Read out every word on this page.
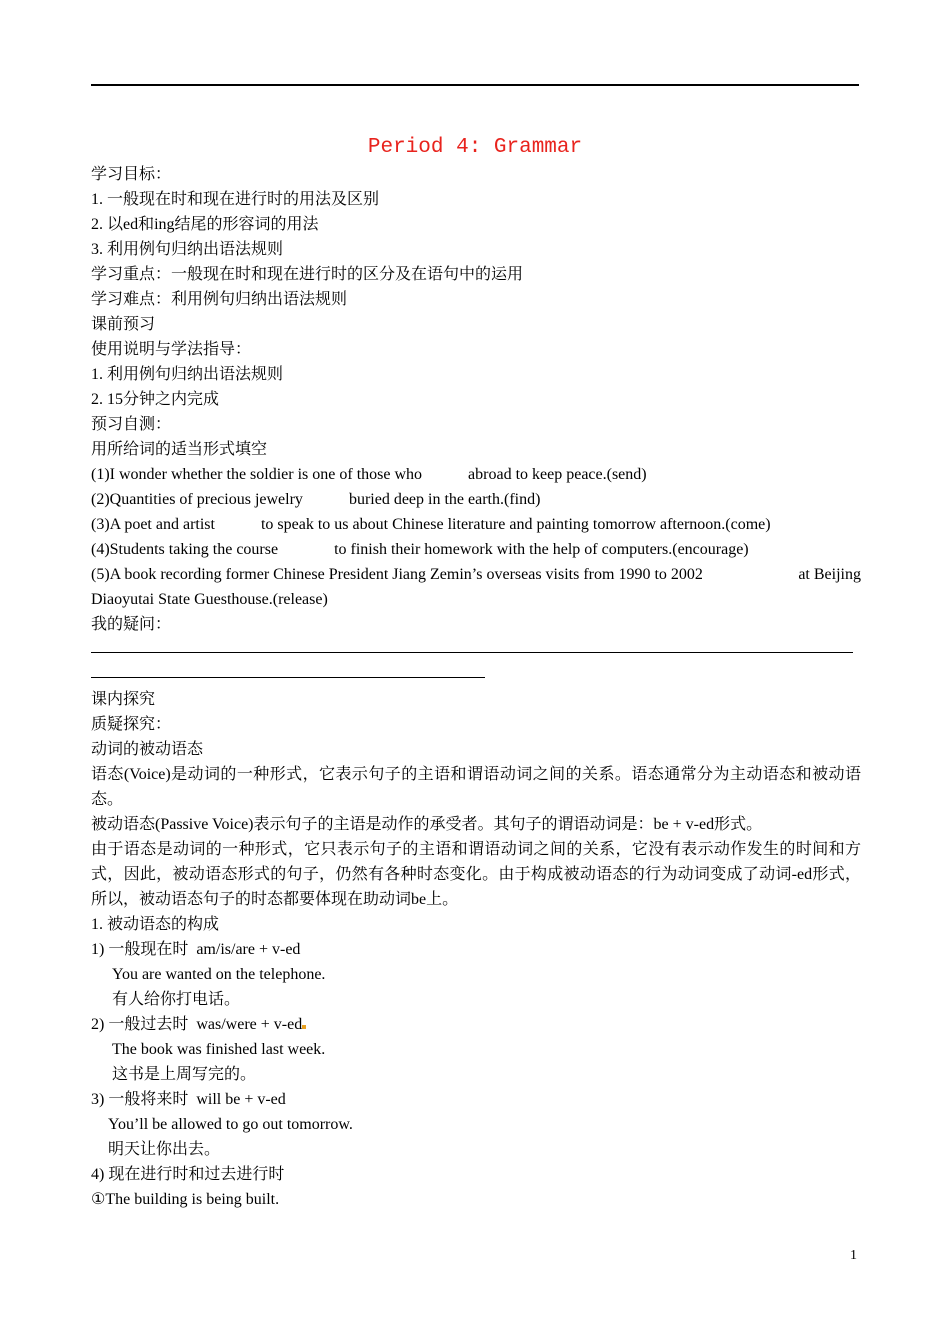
Period 4: Grammar
学习目标：
1. 一般现在时和现在进行时的用法及区别
2. 以ed和ing结尾的形容词的用法
3. 利用例句归纳出语法规则
学习重点：一般现在时和现在进行时的区分及在语句中的运用
学习难点：利用例句归纳出语法规则
课前预习
使用说明与学法指导：
1. 利用例句归纳出语法规则
2. 15分钟之内完成
预习自测：
用所给词的适当形式填空
(1)I wonder whether the soldier is one of those who	abroad to keep peace.(send)
(2)Quantities of precious jewelry	buried deep in the earth.(find)
(3)A poet and artist	to speak to us about Chinese literature and painting tomorrow afternoon.(come)
(4)Students taking the course	to finish their homework with the help of computers.(encourage)
(5)A book recording former Chinese President Jiang Zemin’s overseas visits from 1990 to 2002	at Beijing
Diaoyutai State Guesthouse.(release)
我的疑问：
课内探究
质疑探究：
动词的被动语态
语态(Voice)是动词的一种形式，它表示句子的主语和谓语动词之间的关系。语态通常分为主动语态和被动语态。
被动语态(Passive Voice)表示句子的主语是动作的承受者。其句子的谓语动词是：be + v-ed形式。
由于语态是动词的一种形式，它只表示句子的主语和谓语动词之间的关系，它没有表示动作发生的时间和方式，因此，被动语态形式的句子，仍然有各种时态变化。由于构成被动语态的行为动词变成了动词-ed形式，所以，被动语态句子的时态都要体现在助动词be上。
1. 被动语态的构成
1) 一般现在时  am/is/are + v-ed
You are wanted on the telephone.
有人给你打电话。
2) 一般过去时  was/were + v-ed
The book was finished last week.
这书是上周写完的。
3) 一般将来时  will be + v-ed
You’ll be allowed to go out tomorrow.
明天让你出去。
4) 现在进行时和过去进行时
①The building is being built.
1
